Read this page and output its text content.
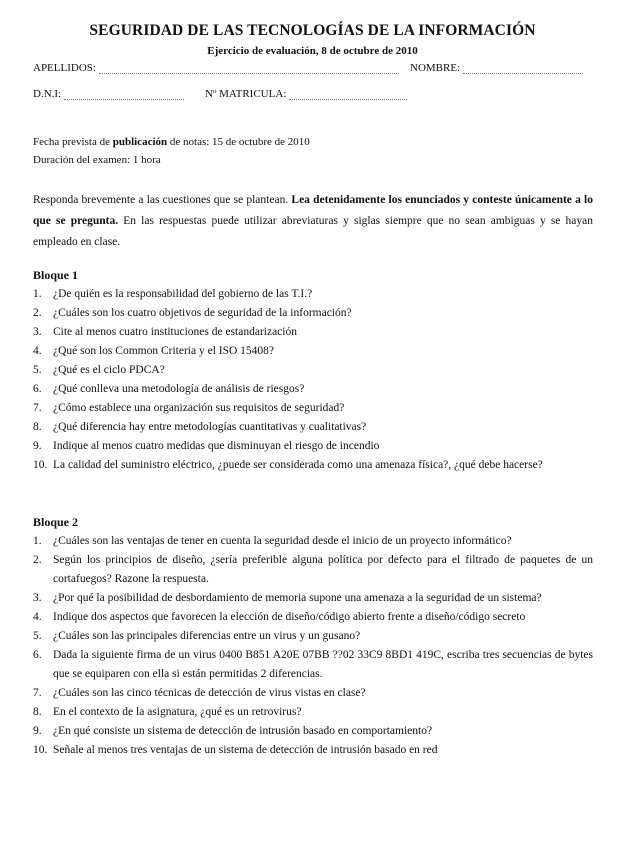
SEGURIDAD DE LAS TECNOLOGÍAS DE LA INFORMACIÓN
Ejercicio de evaluación, 8 de octubre de 2010
APELLIDOS:	NOMBRE:
D.N.I:	Nº MATRICULA:
Fecha prevista de publicación de notas: 15 de octubre de 2010
Duración del examen: 1 hora
Responda brevemente a las cuestiones que se plantean. Lea detenidamente los enunciados y conteste únicamente a lo que se pregunta. En las respuestas puede utilizar abreviaturas y siglas siempre que no sean ambiguas y se hayan empleado en clase.
Bloque 1
1. ¿De quién es la responsabilidad del gobierno de las T.I.?
2. ¿Cuáles son los cuatro objetivos de seguridad de la información?
3. Cite al menos cuatro instituciones de estandarización
4. ¿Qué son los Common Criteria y el ISO 15408?
5. ¿Qué es el ciclo PDCA?
6. ¿Qué conlleva una metodología de análisis de riesgos?
7. ¿Cómo establece una organización sus requisitos de seguridad?
8. ¿Qué diferencia hay entre metodologías cuantitativas y cualitativas?
9. Indique al menos cuatro medidas que disminuyan el riesgo de incendio
10. La calidad del suministro eléctrico, ¿puede ser considerada como una amenaza física?, ¿qué debe hacerse?
Bloque 2
1. ¿Cuáles son las ventajas de tener en cuenta la seguridad desde el inicio de un proyecto informático?
2. Según los principios de diseño, ¿sería preferible alguna política por defecto para el filtrado de paquetes de un cortafuegos? Razone la respuesta.
3. ¿Por qué la posibilidad de desbordamiento de memoria supone una amenaza a la seguridad de un sistema?
4. Indique dos aspectos que favorecen la elección de diseño/código abierto frente a diseño/código secreto
5. ¿Cuáles son las principales diferencias entre un virus y un gusano?
6. Dada la siguiente firma de un virus 0400 B851 A20E 07BB ??02 33C9 8BD1 419C, escriba tres secuencias de bytes que se equiparen con ella si están permitidas 2 diferencias.
7. ¿Cuáles son las cinco técnicas de detección de virus vistas en clase?
8. En el contexto de la asignatura, ¿qué es un retrovirus?
9. ¿En qué consiste un sistema de detección de intrusión basado en comportamiento?
10. Señale al menos tres ventajas de un sistema de detección de intrusión basado en red
